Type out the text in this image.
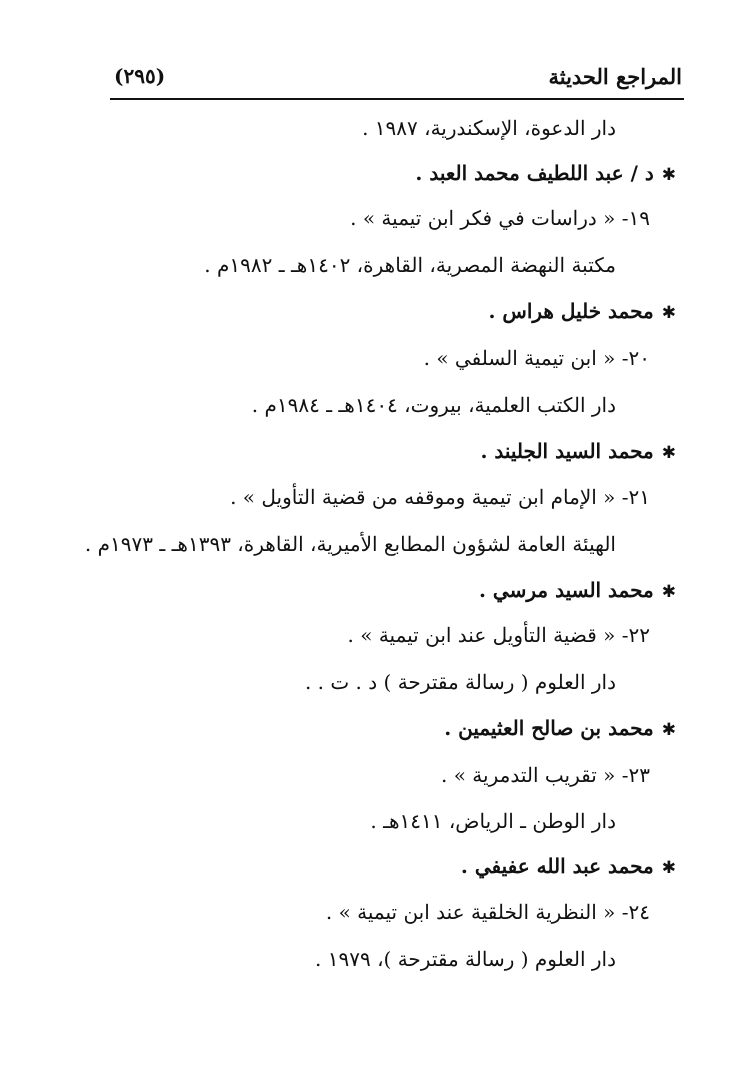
المراجع الحديثة
(٢٩٥)
دار الدعوة، الإسكندرية، ١٩٨٧ .
✱د / عبد اللطيف محمد العبد .
١٩- « دراسات في فكر ابن تيمية » .
مكتبة النهضة المصرية، القاهرة، ١٤٠٢هـ ـ ١٩٨٢م .
✱محمد خليل هراس .
٢٠- « ابن تيمية السلفي » .
دار الكتب العلمية، بيروت، ١٤٠٤هـ ـ ١٩٨٤م .
✱محمد السيد الجليند .
٢١- « الإمام ابن تيمية وموقفه من قضية التأويل » .
الهيئة العامة لشؤون المطابع الأميرية، القاهرة، ١٣٩٣هـ ـ ١٩٧٣م .
✱محمد السيد مرسي .
٢٢- « قضية التأويل عند ابن تيمية » .
دار العلوم ( رسالة مقترحة ) د . ت . .
✱محمد بن صالح العثيمين .
٢٣- « تقريب التدمرية » .
دار الوطن ـ الرياض، ١٤١١هـ .
✱محمد عبد الله عفيفي .
٢٤- « النظرية الخلقية عند ابن تيمية » .
دار العلوم ( رسالة مقترحة )، ١٩٧٩ .
